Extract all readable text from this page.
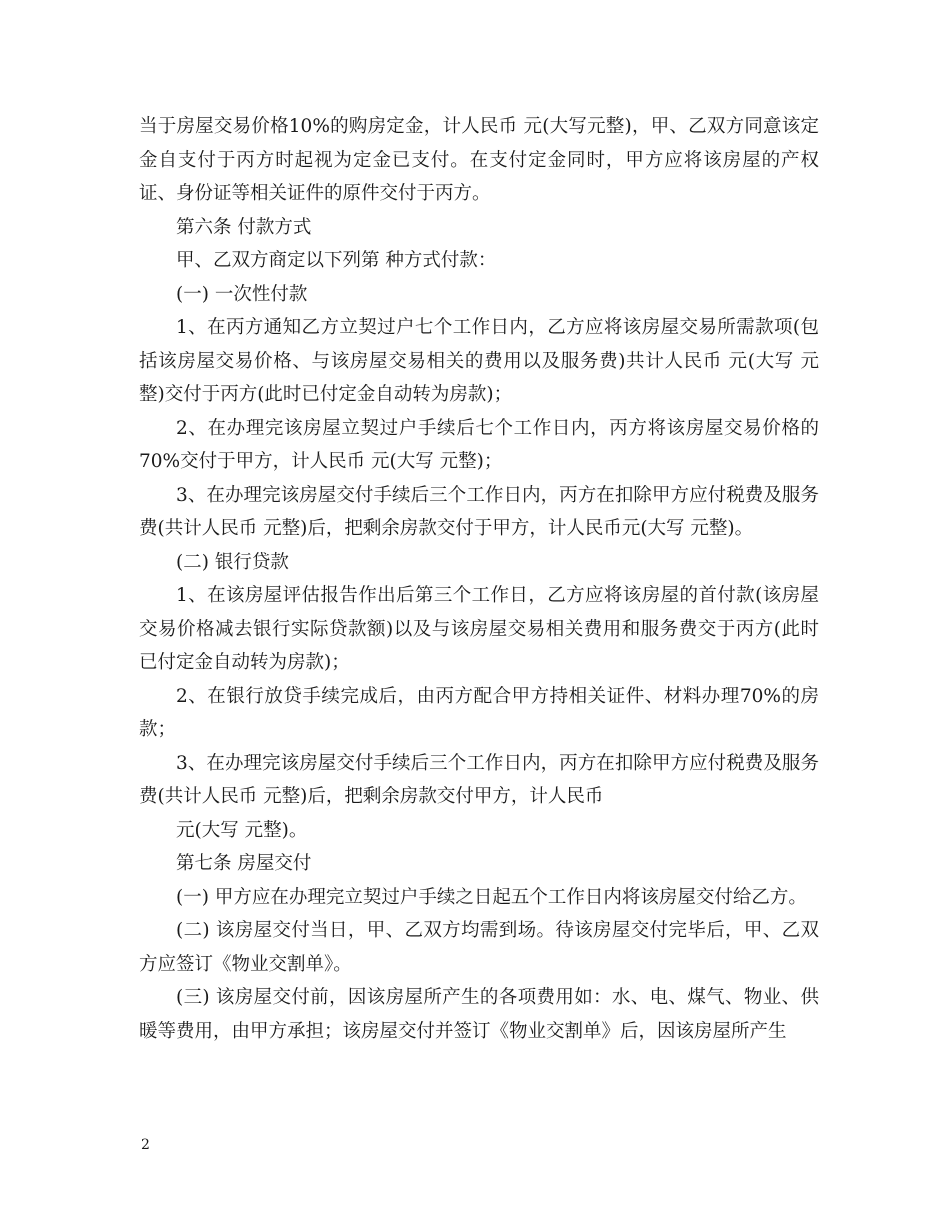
当于房屋交易价格10%的购房定金，计人民币 元(大写元整)，甲、乙双方同意该定金自支付于丙方时起视为定金已支付。在支付定金同时，甲方应将该房屋的产权证、身份证等相关证件的原件交付于丙方。

第六条 付款方式

甲、乙双方商定以下列第 种方式付款：

(一) 一次性付款

1、在丙方通知乙方立契过户七个工作日内，乙方应将该房屋交易所需款项(包括该房屋交易价格、与该房屋交易相关的费用以及服务费)共计人民币 元(大写 元整)交付于丙方(此时已付定金自动转为房款)；

2、在办理完该房屋立契过户手续后七个工作日内，丙方将该房屋交易价格的70%交付于甲方，计人民币 元(大写 元整)；

3、在办理完该房屋交付手续后三个工作日内，丙方在扣除甲方应付税费及服务费(共计人民币 元整)后，把剩余房款交付于甲方，计人民币元(大写 元整)。

(二) 银行贷款

1、在该房屋评估报告作出后第三个工作日，乙方应将该房屋的首付款(该房屋交易价格减去银行实际贷款额)以及与该房屋交易相关费用和服务费交于丙方(此时已付定金自动转为房款)；

2、在银行放贷手续完成后，由丙方配合甲方持相关证件、材料办理70%的房款；

3、在办理完该房屋交付手续后三个工作日内，丙方在扣除甲方应付税费及服务费(共计人民币 元整)后，把剩余房款交付甲方，计人民币

元(大写 元整)。

第七条 房屋交付

(一) 甲方应在办理完立契过户手续之日起五个工作日内将该房屋交付给乙方。

(二) 该房屋交付当日，甲、乙双方均需到场。待该房屋交付完毕后，甲、乙双方应签订《物业交割单》。

(三) 该房屋交付前，因该房屋所产生的各项费用如：水、电、煤气、物业、供暖等费用，由甲方承担；该房屋交付并签订《物业交割单》后，因该房屋所产生

2
